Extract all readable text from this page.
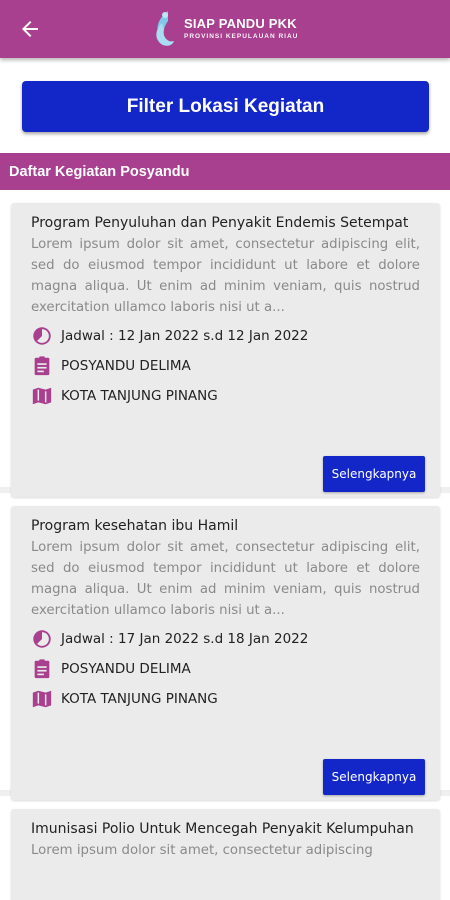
SIAP PANDU PKK
PROVINSI KEPULAUAN RIAU
Filter Lokasi Kegiatan
Daftar Kegiatan Posyandu
Program Penyuluhan dan Penyakit Endemis Setempat
Lorem ipsum dolor sit amet, consectetur adipiscing elit, sed do eiusmod tempor incididunt ut labore et dolore magna aliqua. Ut enim ad minim veniam, quis nostrud exercitation ullamco laboris nisi ut a...
Jadwal : 12 Jan 2022 s.d 12 Jan 2022
POSYANDU DELIMA
KOTA TANJUNG PINANG
Selengkapnya
Program kesehatan ibu Hamil
Lorem ipsum dolor sit amet, consectetur adipiscing elit, sed do eiusmod tempor incididunt ut labore et dolore magna aliqua. Ut enim ad minim veniam, quis nostrud exercitation ullamco laboris nisi ut a...
Jadwal : 17 Jan 2022 s.d 18 Jan 2022
POSYANDU DELIMA
KOTA TANJUNG PINANG
Selengkapnya
Imunisasi Polio Untuk Mencegah Penyakit Kelumpuhan
Lorem ipsum dolor sit amet, consectetur adipiscing
